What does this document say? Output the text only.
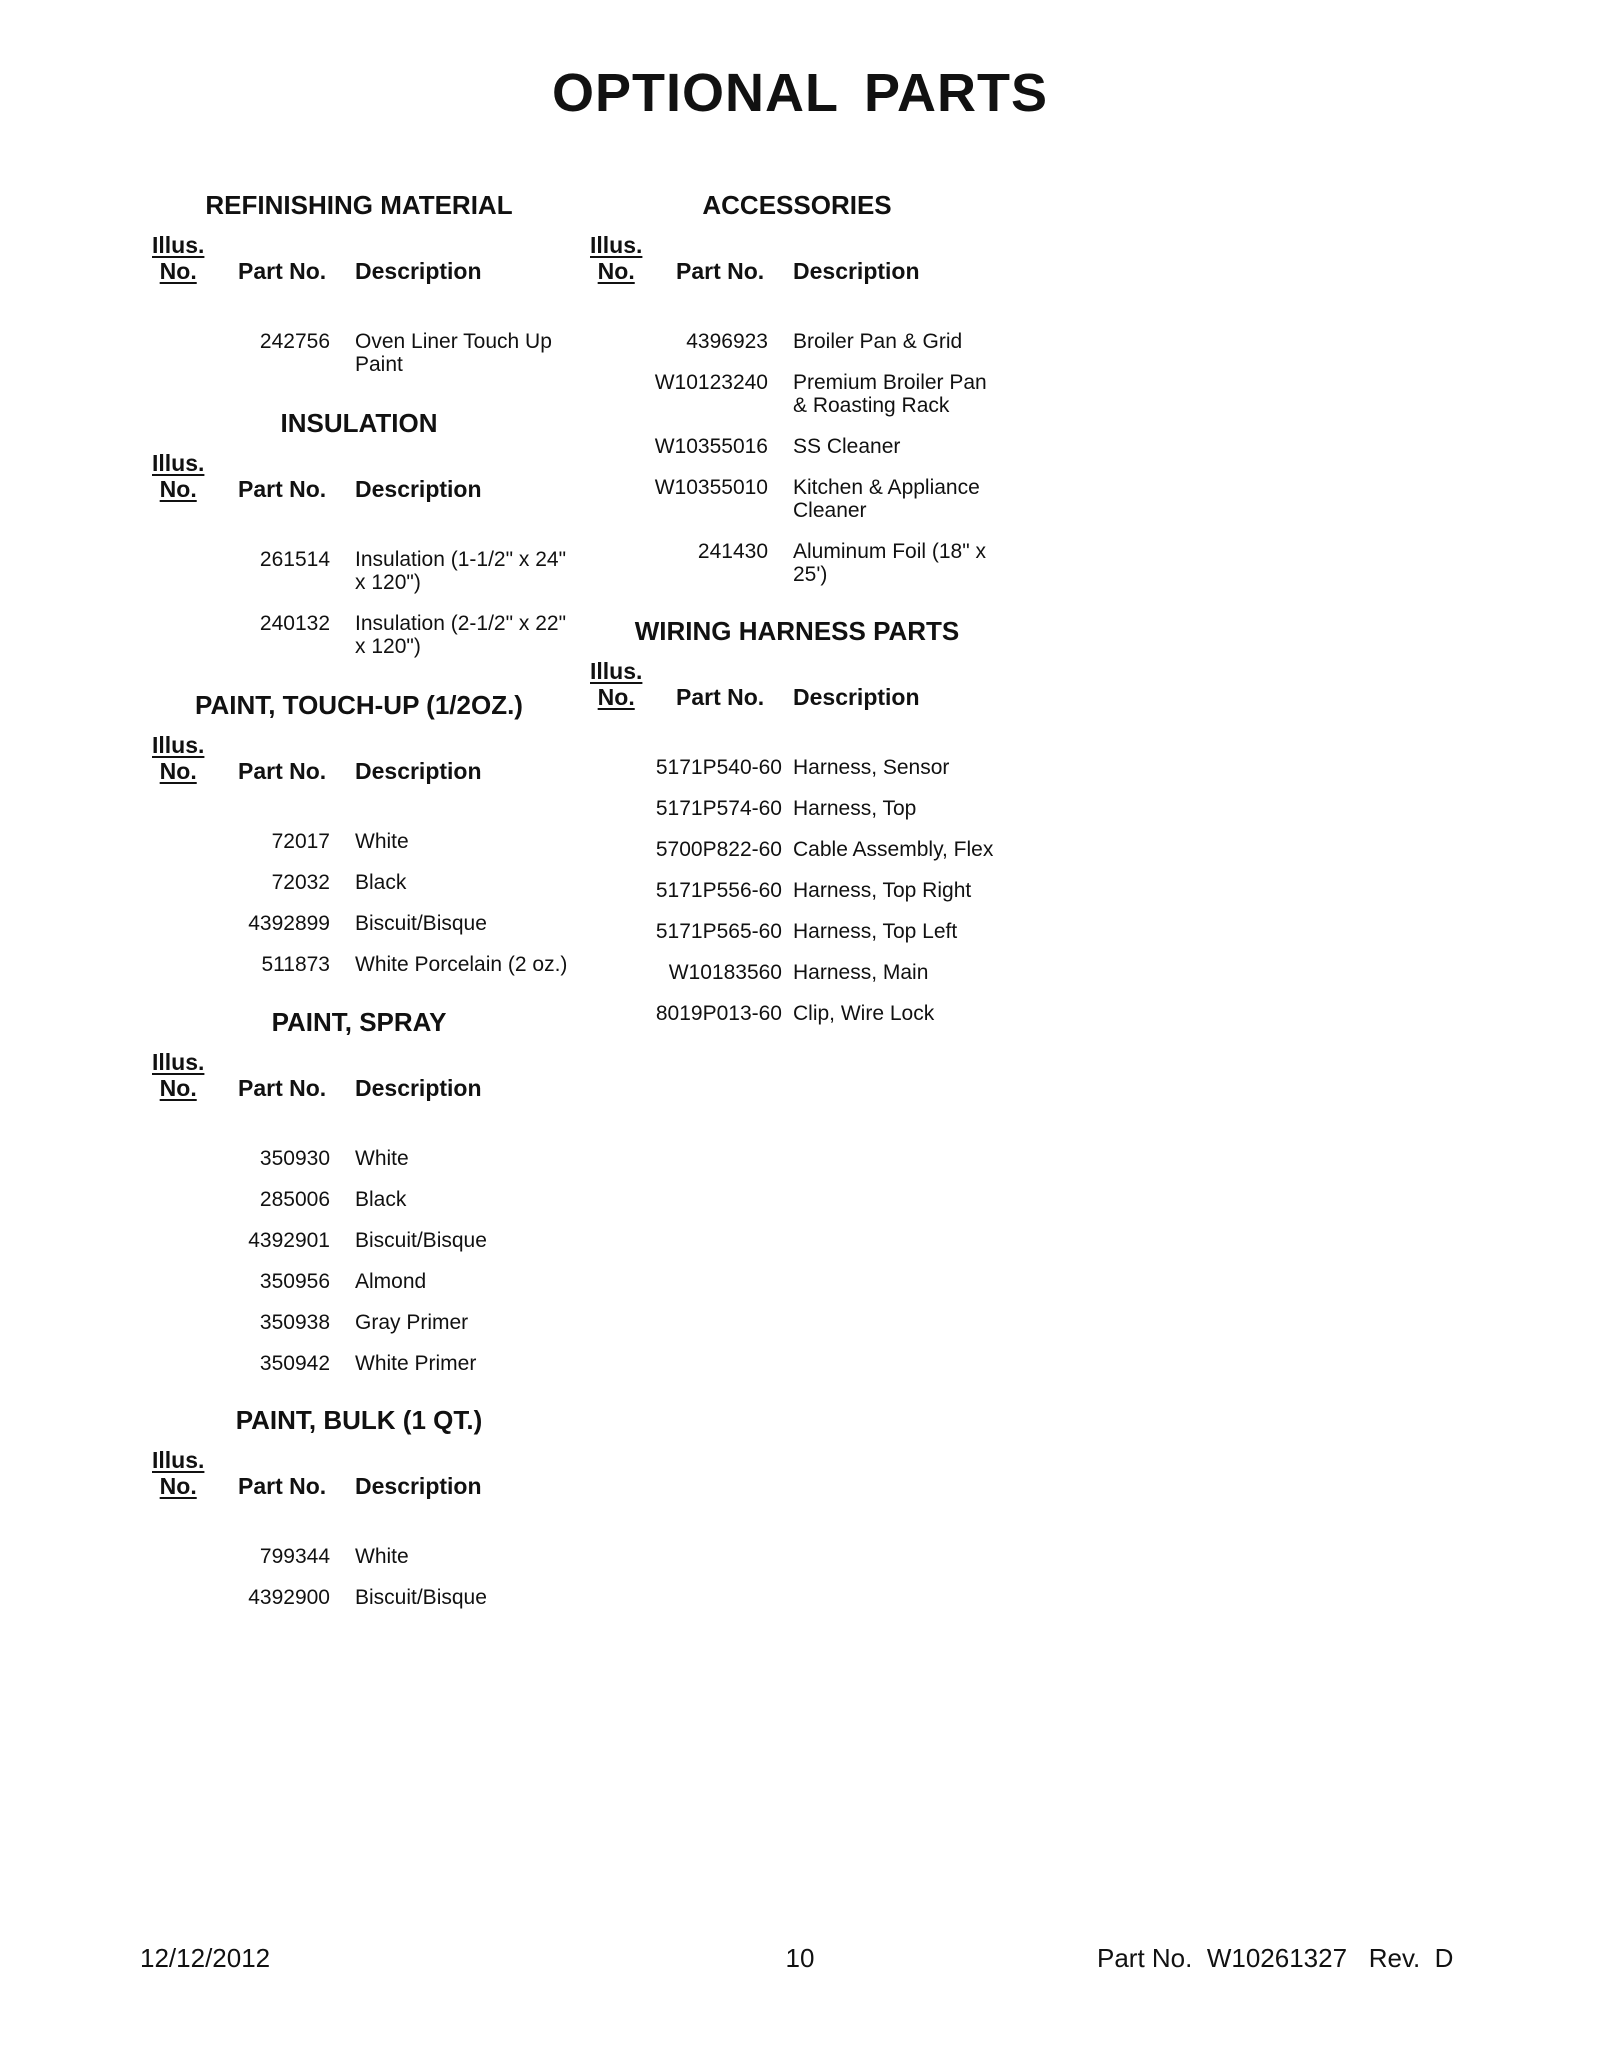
OPTIONAL PARTS
REFINISHING MATERIAL
Illus.
No.	Part No. Description
242756 Oven Liner Touch Up Paint
INSULATION
Illus.
No.	Part No. Description
261514 Insulation (1-1/2" x 24" x 120")
240132 Insulation (2-1/2" x 22" x 120")
PAINT, TOUCH-UP (1/2OZ.)
Illus.
No.	Part No. Description
72017 White
72032 Black
4392899 Biscuit/Bisque
511873 White Porcelain (2 oz.)
PAINT, SPRAY
Illus.
No.	Part No. Description
350930 White
285006 Black
4392901 Biscuit/Bisque
350956 Almond
350938 Gray Primer
350942 White Primer
PAINT, BULK (1 QT.)
Illus.
No.	Part No. Description
799344 White
4392900 Biscuit/Bisque
ACCESSORIES
Illus.
No.	Part No. Description
4396923 Broiler Pan & Grid
W10123240 Premium Broiler Pan & Roasting Rack
W10355016 SS Cleaner
W10355010 Kitchen & Appliance Cleaner
241430 Aluminum Foil (18" x 25')
WIRING HARNESS PARTS
Illus.
No.	Part No. Description
5171P540-60 Harness, Sensor
5171P574-60 Harness, Top
5700P822-60 Cable Assembly, Flex
5171P556-60 Harness, Top Right
5171P565-60 Harness, Top Left
W10183560 Harness, Main
8019P013-60 Clip, Wire Lock
12/12/2012	10	Part No.  W10261327   Rev.  D
